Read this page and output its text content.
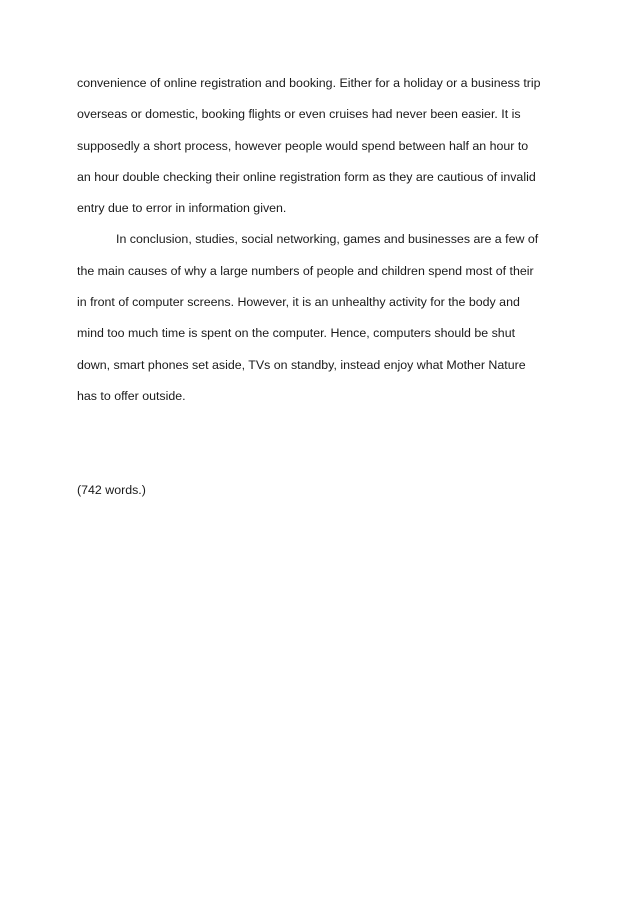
convenience of online registration and booking. Either for a holiday or a business trip
overseas or domestic, booking flights or even cruises had never been easier. It is
supposedly a short process, however people would spend between half an hour to
an hour double checking their online registration form as they are cautious of invalid
entry due to error in information given.
In conclusion, studies, social networking, games and businesses are a few of
the main causes of why a large numbers of people and children spend most of their
in front of computer screens. However, it is an unhealthy activity for the body and
mind too much time is spent on the computer. Hence, computers should be shut
down, smart phones set aside, TVs on standby, instead enjoy what Mother Nature
has to offer outside.
(742 words.)
